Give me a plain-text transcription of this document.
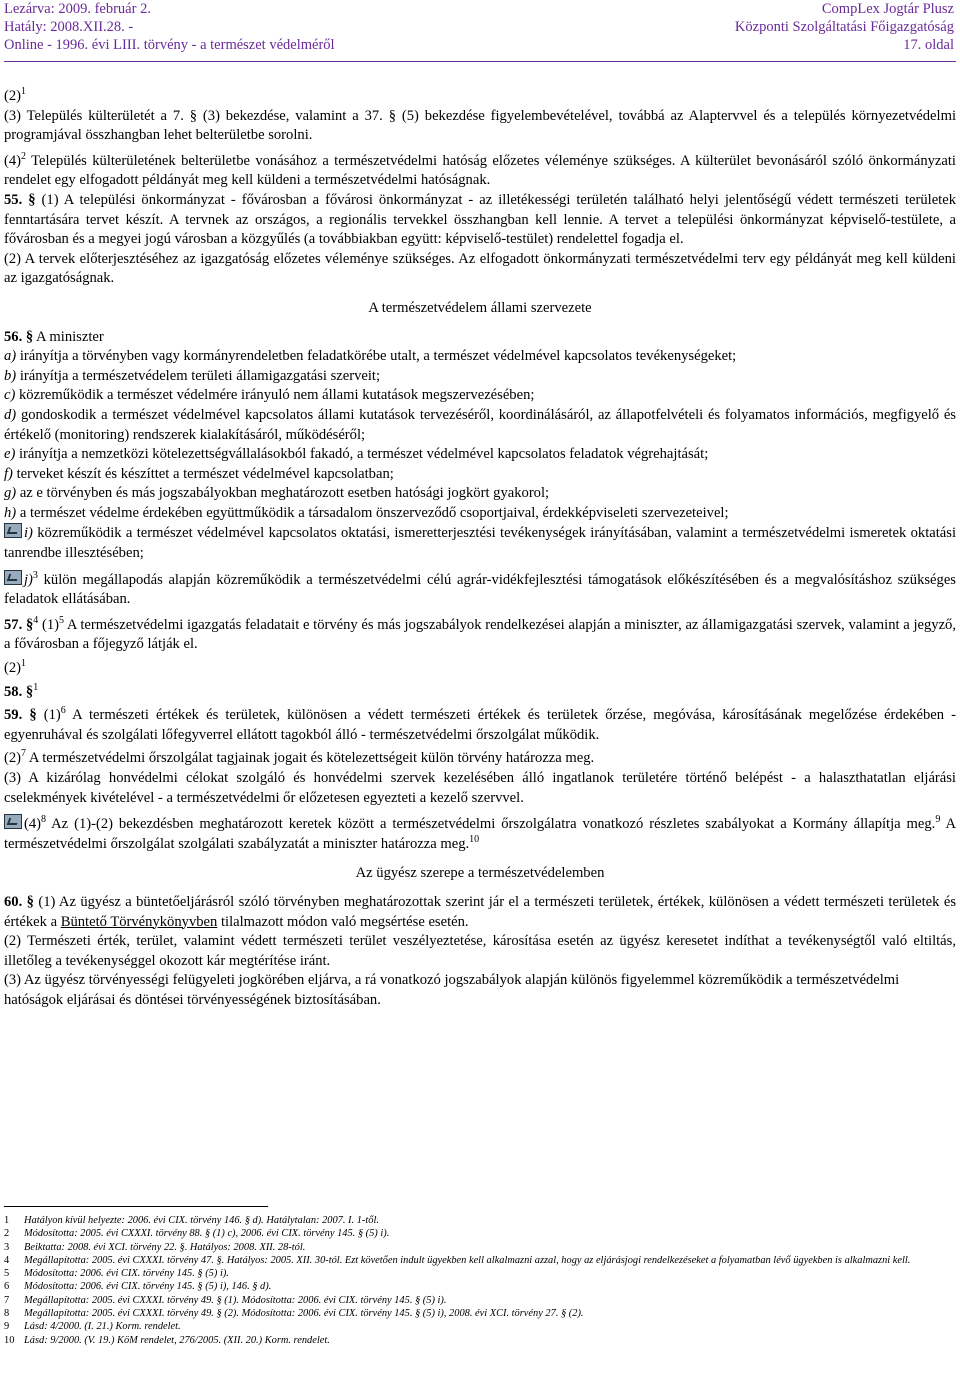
Lezárva: 2009. február 2.
Hatály: 2008.XII.28. -
Online - 1996. évi LIII. törvény - a természet védelméről
CompLex Jogtár Plusz
Központi Szolgáltatási Főigazgatóság
17. oldal

$(2)^1$

(3) Település külterületét a 7. § (3) bekezdése, valamint a 37. § (5) bekezdése figyelembevételével, továbbá az Alaptervvel és a település környezetvédelmi programjával összhangban lehet belterületbe sorolni.

$(4)^2$ Település külterületének belterületbe vonásához a természetvédelmi hatóság előzetes véleménye szükséges. A külterület bevonásáról szóló önkormányzati rendelet egy elfogadott példányát meg kell küldeni a természetvédelmi hatóságnak.

55. § (1) A települési önkormányzat - fővárosban a fővárosi önkormányzat - az illetékességi területén található helyi jelentőségű védett természeti területek fenntartására tervet készít. A tervnek az országos, a regionális tervekkel összhangban kell lennie. A tervet a települési önkormányzat képviselő-testülete, a fővárosban és a megyei jogú városban a közgyűlés (a továbbiakban együtt: képviselő-testület) rendelettel fogadja el.

(2) A tervek előterjesztéséhez az igazgatóság előzetes véleménye szükséges. Az elfogadott önkormányzati természetvédelmi terv egy példányát meg kell küldeni az igazgatóságnak.

A természetvédelem állami szervezete

56. § A miniszter

a) irányítja a törvényben vagy kormányrendeletben feladatkörébe utalt, a természet védelmével kapcsolatos tevékenységeket;

b) irányítja a természetvédelem területi államigazgatási szerveit;

c) közreműködik a természet védelmére irányuló nem állami kutatások megszervezésében;

d) gondoskodik a természet védelmével kapcsolatos állami kutatások tervezéséről, koordinálásáról, az állapotfelvételi és folyamatos információs, megfigyelő és értékelő (monitoring) rendszerek kialakításáról, működéséről;

e) irányítja a nemzetközi kötelezettségvállalásokból fakadó, a természet védelmével kapcsolatos feladatok végrehajtását;

f) terveket készít és készíttet a természet védelmével kapcsolatban;

g) az e törvényben és más jogszabályokban meghatározott esetben hatósági jogkört gyakorol;

h) a természet védelme érdekében együttműködik a társadalom önszerveződő csoportjaival, érdekképviseleti szervezeteivel;

i) közreműködik a természet védelmével kapcsolatos oktatási, ismeretterjesztési tevékenységek irányításában, valamint a természetvédelmi ismeretek oktatási tanrendbe illesztésében;

j)$^3$ külön megállapodás alapján közreműködik a természetvédelmi célú agrár-vidékfejlesztési támogatások előkészítésében és a megvalósításhoz szükséges feladatok ellátásában.

57. §$^4$ $(1)^5$ A természetvédelmi igazgatás feladatait e törvény és más jogszabályok rendelkezései alapján a miniszter, az államigazgatási szervek, valamint a jegyző, a fővárosban a főjegyző látják el.

$(2)^1$

58. §$^1$

59. § $(1)^6$ A természeti értékek és területek, különösen a védett természeti értékek és területek őrzése, megóvása, károsításának megelőzése érdekében - egyenruhával és szolgálati lőfegyverrel ellátott tagokból álló - természetvédelmi őrszolgálat működik.

$(2)^7$ A természetvédelmi őrszolgálat tagjainak jogait és kötelezettségeit külön törvény határozza meg.

(3) A kizárólag honvédelmi célokat szolgáló és honvédelmi szervek kezelésében álló ingatlanok területére történő belépést - a halaszthatatlan eljárási cselekmények kivételével - a természetvédelmi őr előzetesen egyezteti a kezelő szervvel.

$(4)^8$ Az (1)-(2) bekezdésben meghatározott keretek között a természetvédelmi őrszolgálatra vonatkozó részletes szabályokat a Kormány állapítja meg.$^9$ A természetvédelmi őrszolgálat szolgálati szabályzatát a miniszter határozza meg.$^{10}$

Az ügyész szerepe a természetvédelemben

60. § (1) Az ügyész a büntetőeljárásról szóló törvényben meghatározottak szerint jár el a természeti területek, értékek, különösen a védett természeti területek és értékek a Büntető Törvénykönyvben tilalmazott módon való megsértése esetén.

(2) Természeti érték, terület, valamint védett természeti terület veszélyeztetése, károsítása esetén az ügyész keresetet indíthat a tevékenységtől való eltiltás, illetőleg a tevékenységgel okozott kár megtérítése iránt.

(3) Az ügyész törvényességi felügyeleti jogkörében eljárva, a rá vonatkozó jogszabályok alapján különös figyelemmel közreműködik a természetvédelmi hatóságok eljárásai és döntései törvényességének biztosításában.

1 Hatályon kívül helyezte: 2006. évi CIX. törvény 146. § d). Hatálytalan: 2007. I. 1-től.

2 Módosította: 2005. évi CXXXI. törvény 88. § (1) c), 2006. évi CIX. törvény 145. § (5) i).

3 Beiktatta: 2008. évi XCI. törvény 22. §. Hatályos: 2008. XII. 28-tól.

4 Megállapította: 2005. évi CXXXI. törvény 47. §. Hatályos: 2005. XII. 30-tól. Ezt követően indult ügyekben kell alkalmazni azzal, hogy az eljárásjogi rendelkezéseket a folyamatban lévő ügyekben is alkalmazni kell.

5 Módosította: 2006. évi CIX. törvény 145. § (5) i).

6 Módosította: 2006. évi CIX. törvény 145. § (5) i), 146. § d).

7 Megállapította: 2005. évi CXXXI. törvény 49. § (1). Módosította: 2006. évi CIX. törvény 145. § (5) i).

8 Megállapította: 2005. évi CXXXI. törvény 49. § (2). Módosította: 2006. évi CIX. törvény 145. § (5) i), 2008. évi XCI. törvény 27. § (2).

9 Lásd: 4/2000. (I. 21.) Korm. rendelet.

10 Lásd: 9/2000. (V. 19.) KöM rendelet, 276/2005. (XII. 20.) Korm. rendelet.
